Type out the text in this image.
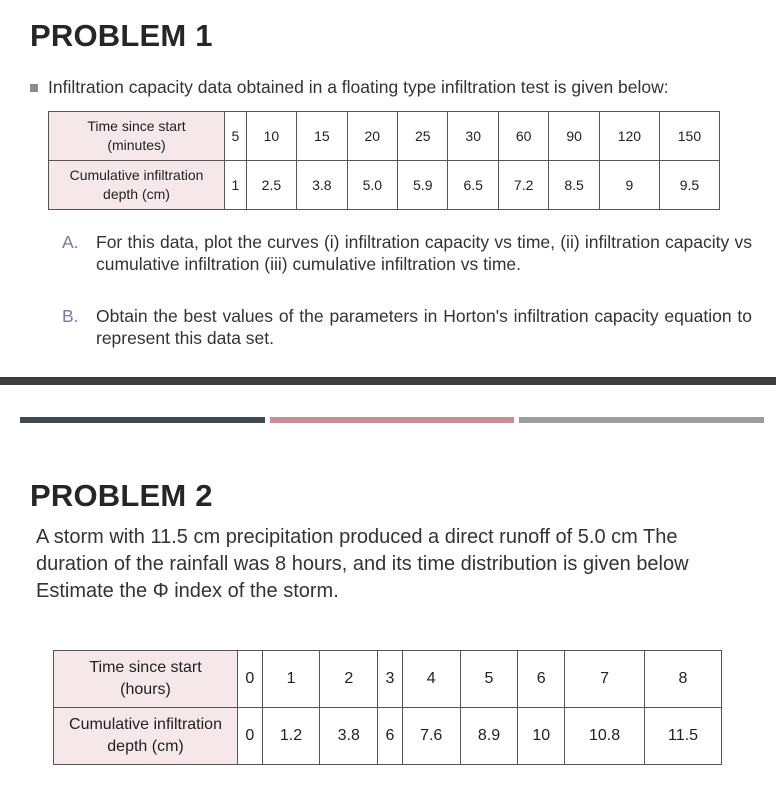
PROBLEM 1
Infiltration capacity data obtained in a floating type infiltration test is given below:
Time since start
(minutes)	5	10	15	20	25	30	60	90	120	150
Cumulative infiltration
depth (cm)	1	2.5	3.8	5.0	5.9	6.5	7.2	8.5	9	9.5
A. For this data, plot the curves (i) infiltration capacity vs time, (ii) infiltration capacity vs cumulative infiltration (iii) cumulative infiltration vs time.
B. Obtain the best values of the parameters in Horton's infiltration capacity equation to represent this data set.
PROBLEM 2
A storm with 11.5 cm precipitation produced a direct runoff of 5.0 cm The duration of the rainfall was 8 hours, and its time distribution is given below Estimate the Φ index of the storm.
Time since start
(hours)	0	1	2	3	4	5	6	7	8
Cumulative infiltration
depth (cm)	0	1.2	3.8	6	7.6	8.9	10	10.8	11.5
